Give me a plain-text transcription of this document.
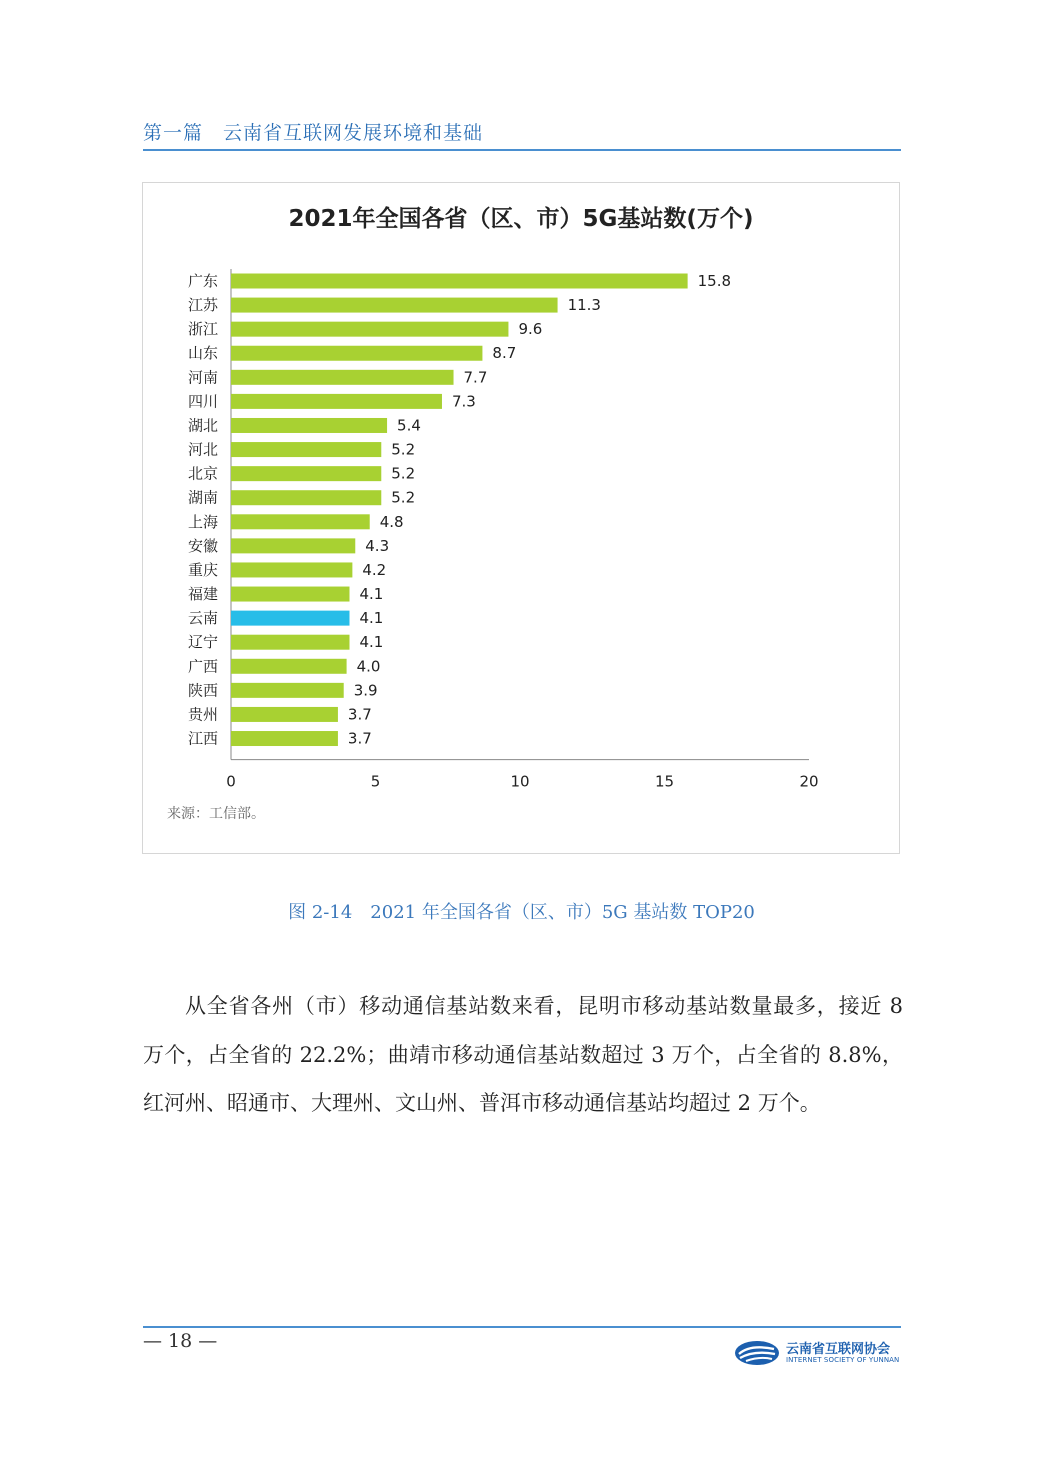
第一篇　云南省互联网发展环境和基础
2021年全国各省（区、市）5G基站数(万个)
广东	15.8
江苏	11.3
浙江	9.6
山东	8.7
河南	7.7
四川	7.3
湖北	5.4
河北	5.2
北京	5.2
湖南	5.2
上海	4.8
安徽	4.3
重庆	4.2
福建	4.1
云南	4.1
辽宁	4.1
广西	4.0
陕西	3.9
贵州	3.7
江西	3.7
0	5	10	15	20
来源：工信部。
图 2-14　2021 年全国各省（区、市）5G 基站数 TOP20
从全省各州（市）移动通信基站数来看，昆明市移动基站数量最多，接近 8 万个，占全省的 22.2%；曲靖市移动通信基站数超过 3 万个，占全省的 8.8%，红河州、昭通市、大理州、文山州、普洱市移动通信基站均超过 2 万个。
— 18 —	云南省互联网协会
INTERNET SOCIETY OF YUNNAN
